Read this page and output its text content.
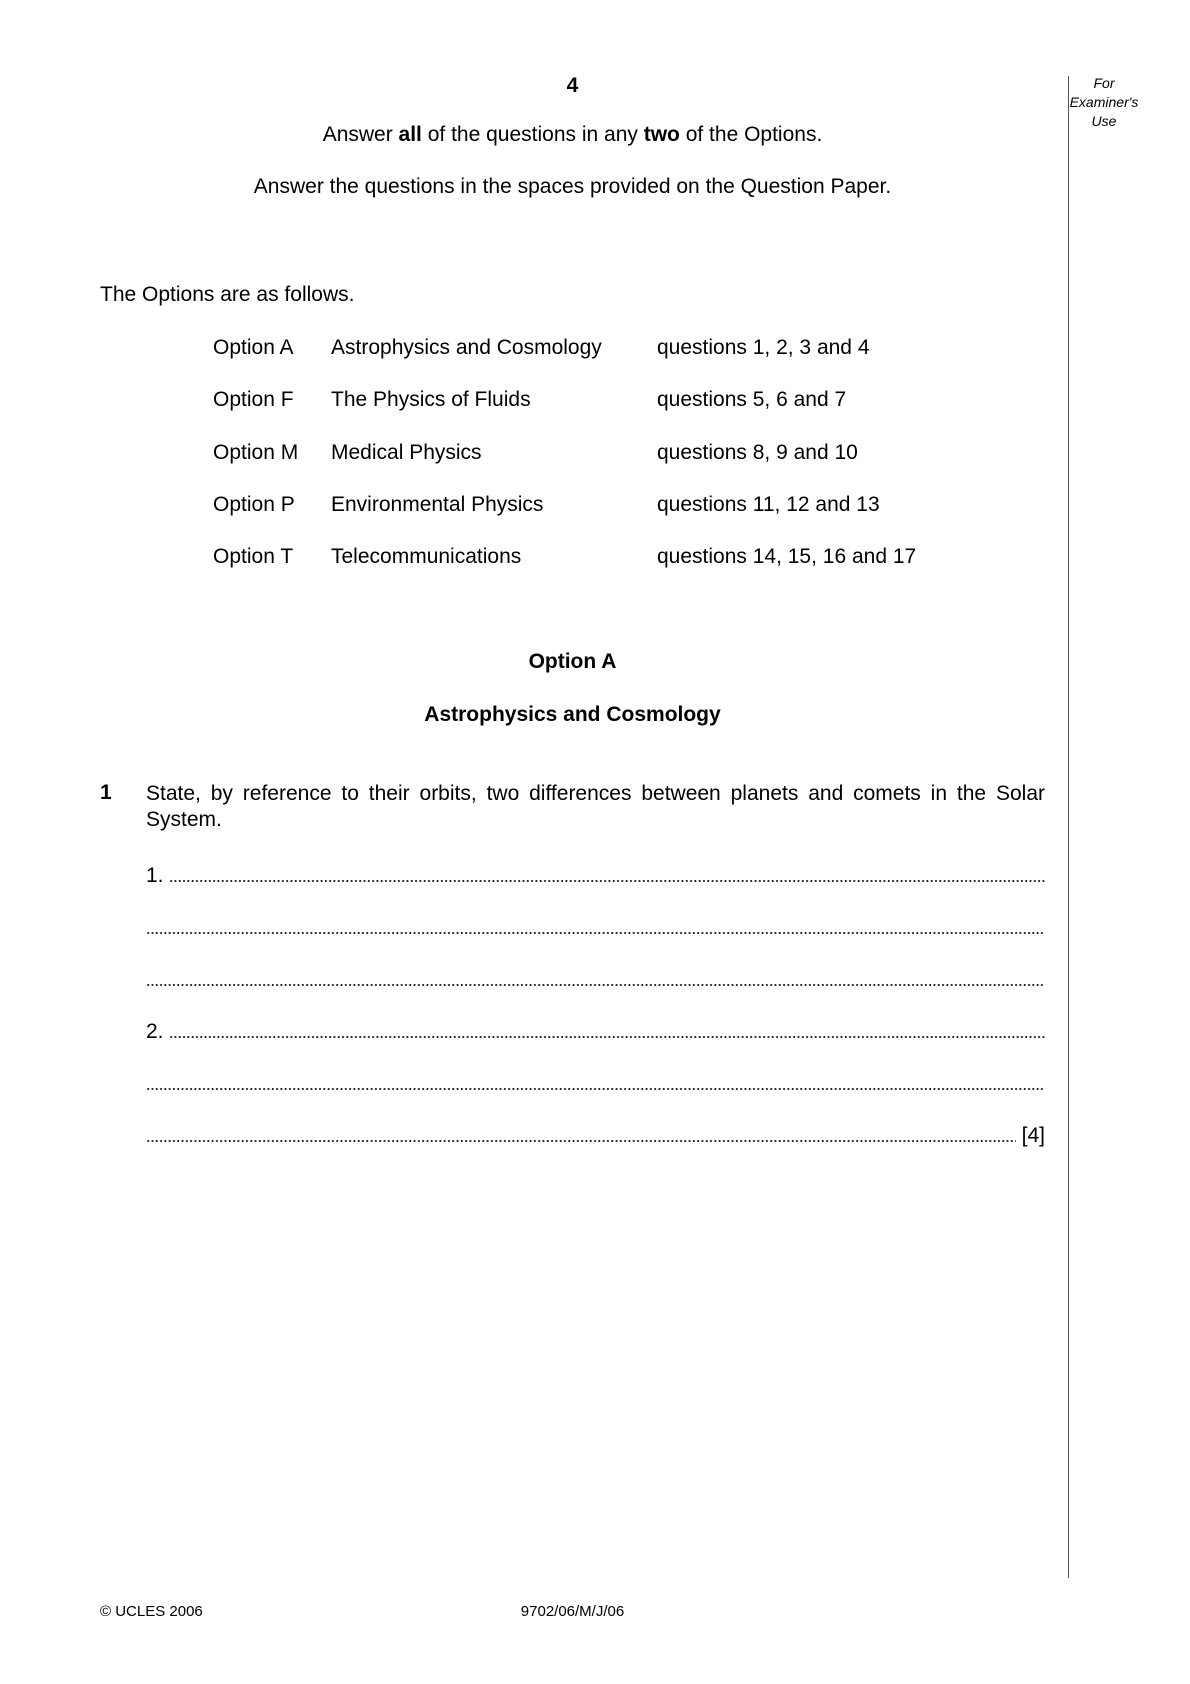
4	For
Examiner's
Use
Answer all of the questions in any two of the Options.
Answer the questions in the spaces provided on the Question Paper.
The Options are as follows.
Option A Astrophysics and Cosmology	questions 1, 2, 3 and 4
Option F The Physics of Fluids	questions 5, 6 and 7
Option M Medical Physics	questions 8, 9 and 10
Option P Environmental Physics	questions 11, 12 and 13
Option T Telecommunications	questions 14, 15, 16 and 17
Option A
Astrophysics and Cosmology
1 State, by reference to their orbits, two differences between planets and comets in the Solar System.
1.
2.
[4]
© UCLES 2006	9702/06/M/J/06
